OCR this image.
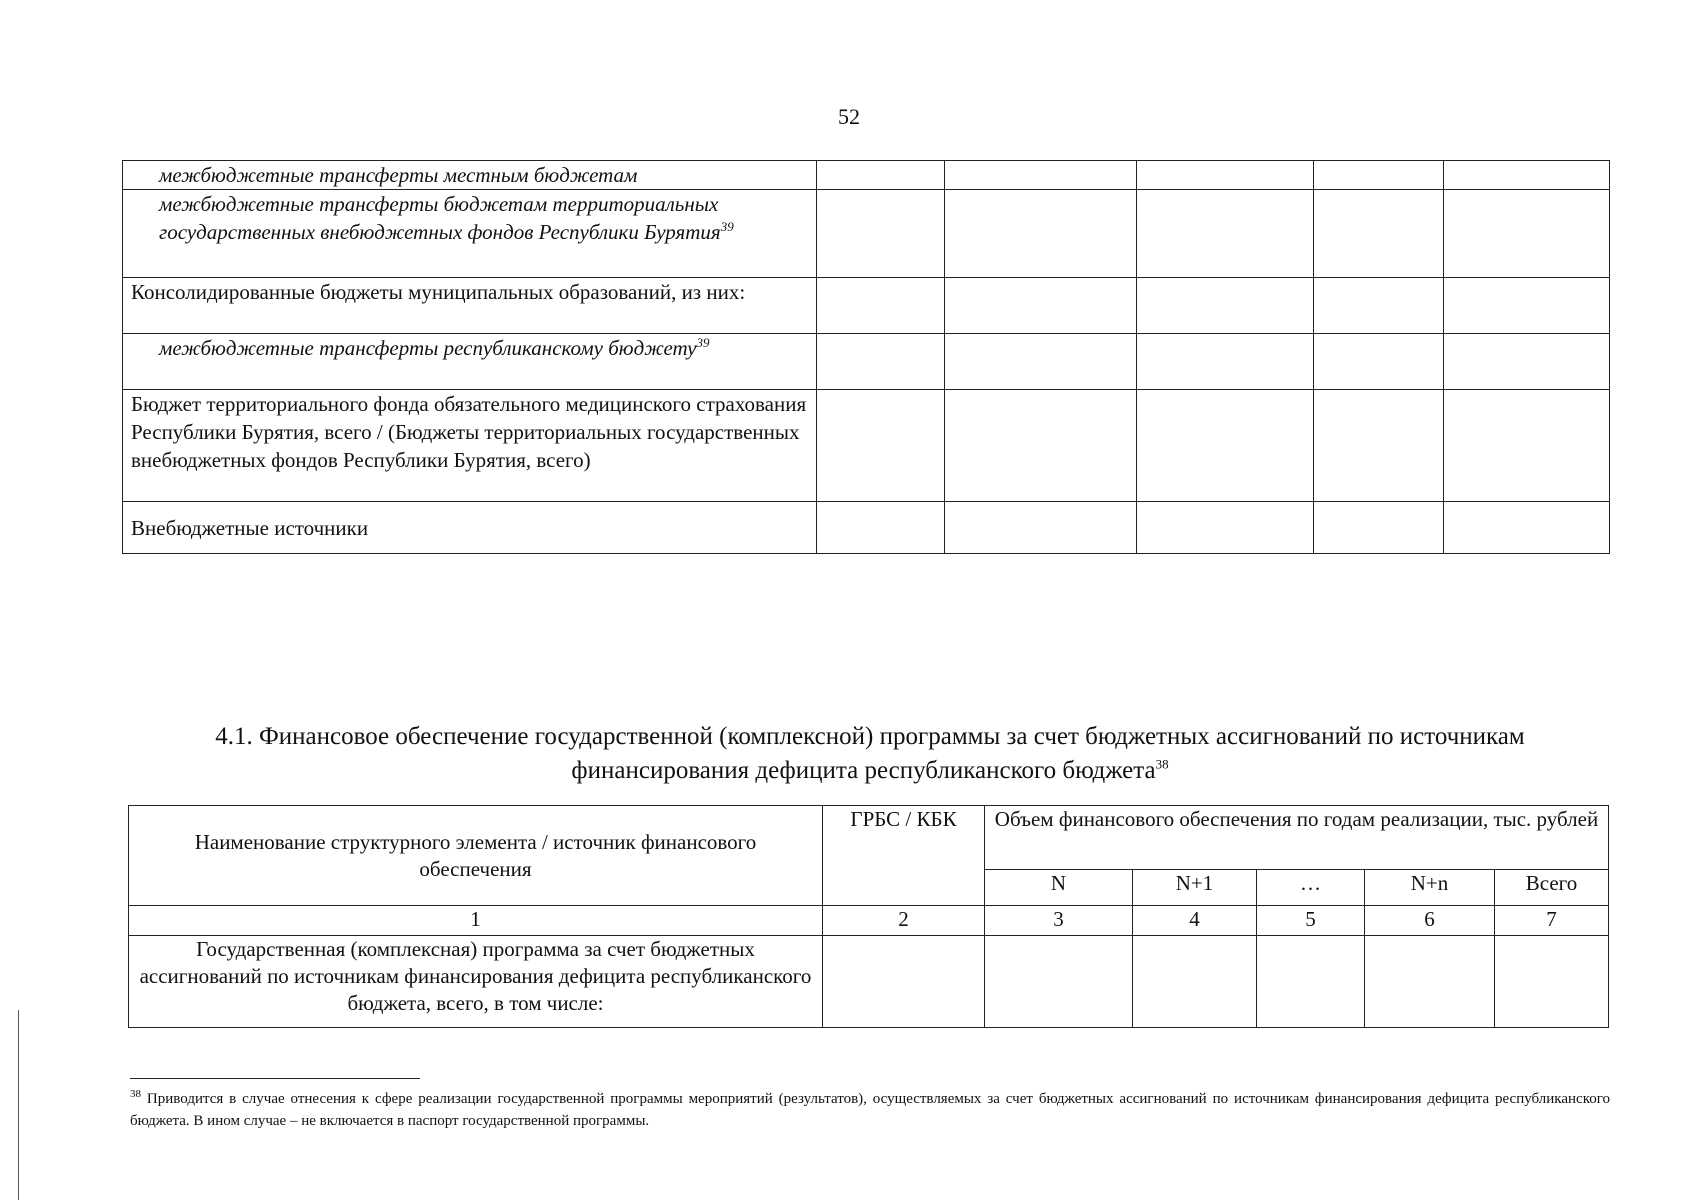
52
межбюджетные трансферты местным бюджетам					
межбюджетные трансферты бюджетам территориальных государственных внебюджетных фондов Республики Бурятия$^{39}$					
Консолидированные бюджеты муниципальных образований, из них:					
межбюджетные трансферты республиканскому бюджету$^{39}$					
Бюджет территориального фонда обязательного медицинского страхования Республики Бурятия, всего / (Бюджеты территориальных государственных внебюджетных фондов Республики Бурятия, всего)					
Внебюджетные источники					
4.1. Финансовое обеспечение государственной (комплексной) программы за счет бюджетных ассигнований по источникам финансирования дефицита республиканского бюджета$^{38}$
Наименование структурного элемента / источник финансового обеспечения	ГРБС / КБК	Объем финансового обеспечения по годам реализации, тыс. рублей				
		N	N+1	…	N+n	Всего
1	2	3	4	5	6	7
Государственная (комплексная) программа за счет бюджетных ассигнований по источникам финансирования дефицита республиканского бюджета, всего, в том числе:						
$^{38}$ Приводится в случае отнесения к сфере реализации государственной программы мероприятий (результатов), осуществляемых за счет бюджетных ассигнований по источникам финансирования дефицита республиканского бюджета. В ином случае – не включается в паспорт государственной программы.
